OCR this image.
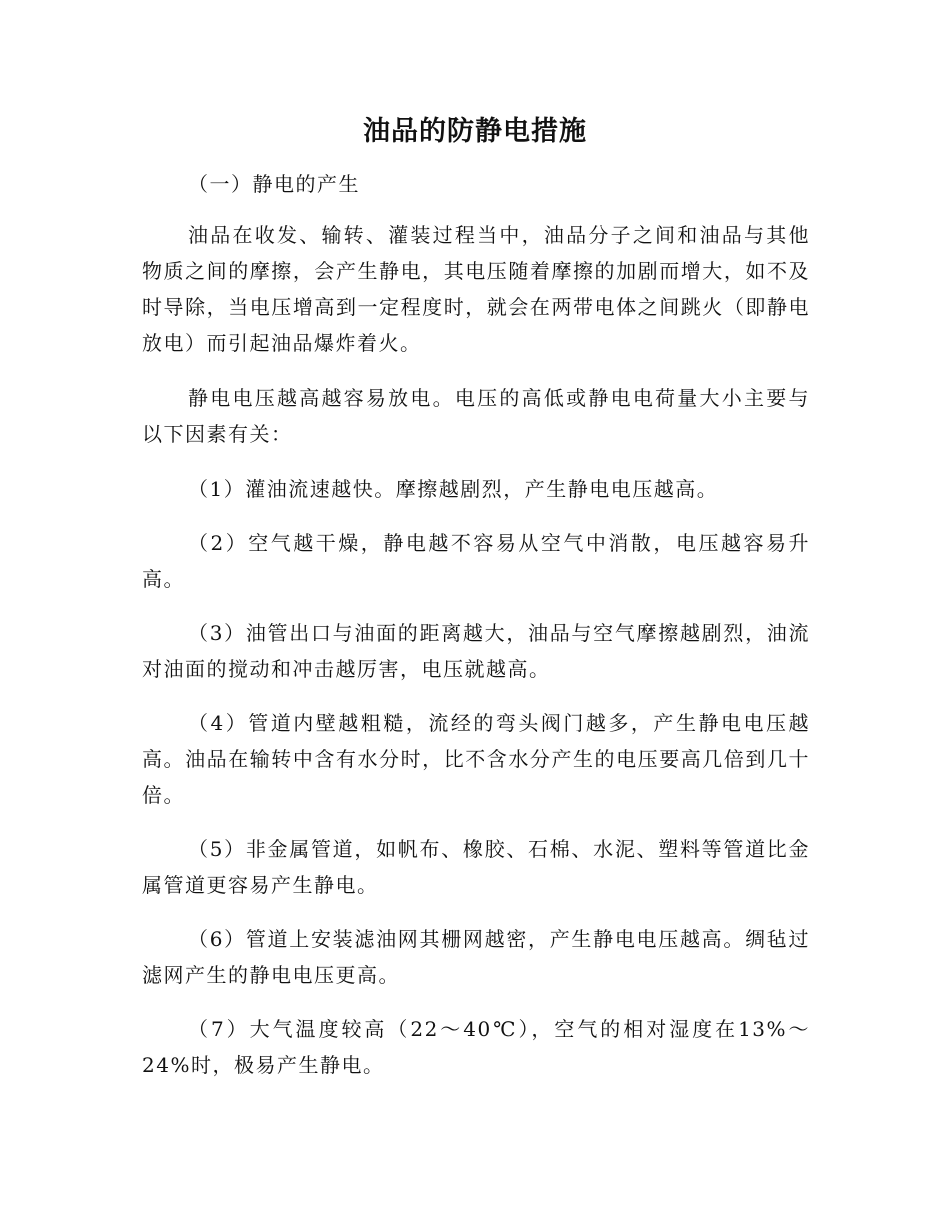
油品的防静电措施

（一）静电的产生

油品在收发、输转、灌装过程当中，油品分子之间和油品与其他物质之间的摩擦，会产生静电，其电压随着摩擦的加剧而增大，如不及时导除，当电压增高到一定程度时，就会在两带电体之间跳火（即静电放电）而引起油品爆炸着火。

静电电压越高越容易放电。电压的高低或静电电荷量大小主要与以下因素有关：

（1）灌油流速越快。摩擦越剧烈，产生静电电压越高。

（2）空气越干燥，静电越不容易从空气中消散，电压越容易升高。

（3）油管出口与油面的距离越大，油品与空气摩擦越剧烈，油流对油面的搅动和冲击越厉害，电压就越高。

（4）管道内壁越粗糙，流经的弯头阀门越多，产生静电电压越高。油品在输转中含有水分时，比不含水分产生的电压要高几倍到几十倍。

（5）非金属管道，如帆布、橡胶、石棉、水泥、塑料等管道比金属管道更容易产生静电。

（6）管道上安装滤油网其栅网越密，产生静电电压越高。绸毡过滤网产生的静电电压更高。

（7）大气温度较高（22～40℃），空气的相对湿度在13%～24%时，极易产生静电。
